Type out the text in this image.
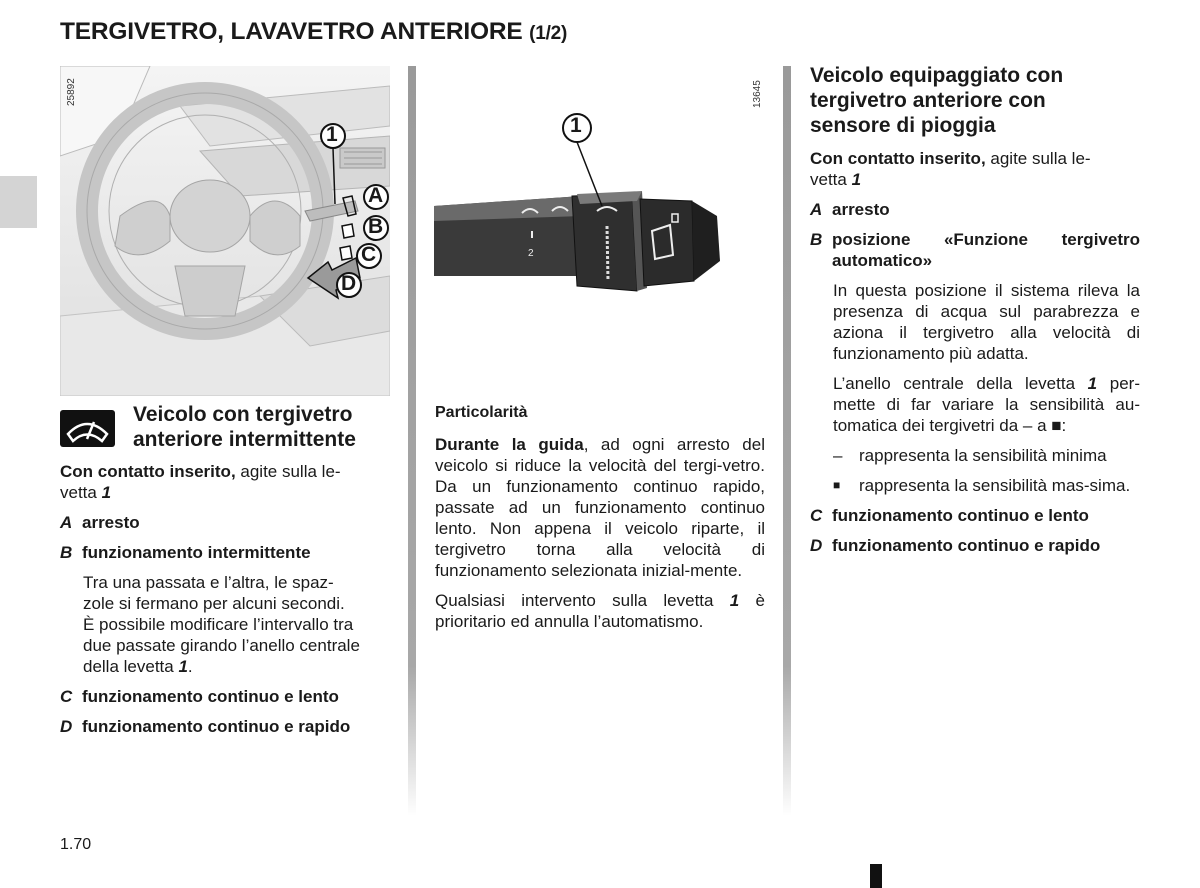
TERGIVETRO, LAVAVETRO ANTERIORE (1/2)
25892
1
A
B
C
D
2
1
13645
Veicolo con tergivetro
anteriore intermittente

Con contatto inserito, agite sulla le-
vetta 1

A arresto
B funzionamento intermittente
Tra una passata e l’altra, le spaz-
zole si fermano per alcuni secondi.
È possibile modificare l’intervallo tra
due passate girando l’anello centrale
della levetta 1.
C funzionamento continuo e lento
D funzionamento continuo e rapido

Particolarità

Durante la guida, ad ogni arresto del veicolo si riduce la velocità del tergi-vetro. Da un funzionamento continuo rapido, passate ad un funzionamento continuo lento. Non appena il veicolo riparte, il tergivetro torna alla velocità di funzionamento selezionata inizial-mente.

Qualsiasi intervento sulla levetta 1 è prioritario ed annulla l’automatismo.

Veicolo equipaggiato con tergivetro anteriore con sensore di pioggia

Con contatto inserito, agite sulla le-
vetta 1

A arresto
B posizione «Funzione tergivetro automatico»
In questa posizione il sistema rileva la presenza di acqua sul parabrezza e aziona il tergivetro alla velocità di funzionamento più adatta.
L’anello centrale della levetta 1 per-mette di far variare la sensibilità au-tomatica dei tergivetri da – a ■:
– rappresenta la sensibilità minima
■	rappresenta la sensibilità mas-sima.
C funzionamento continuo e lento
D funzionamento continuo e rapido
1.70
